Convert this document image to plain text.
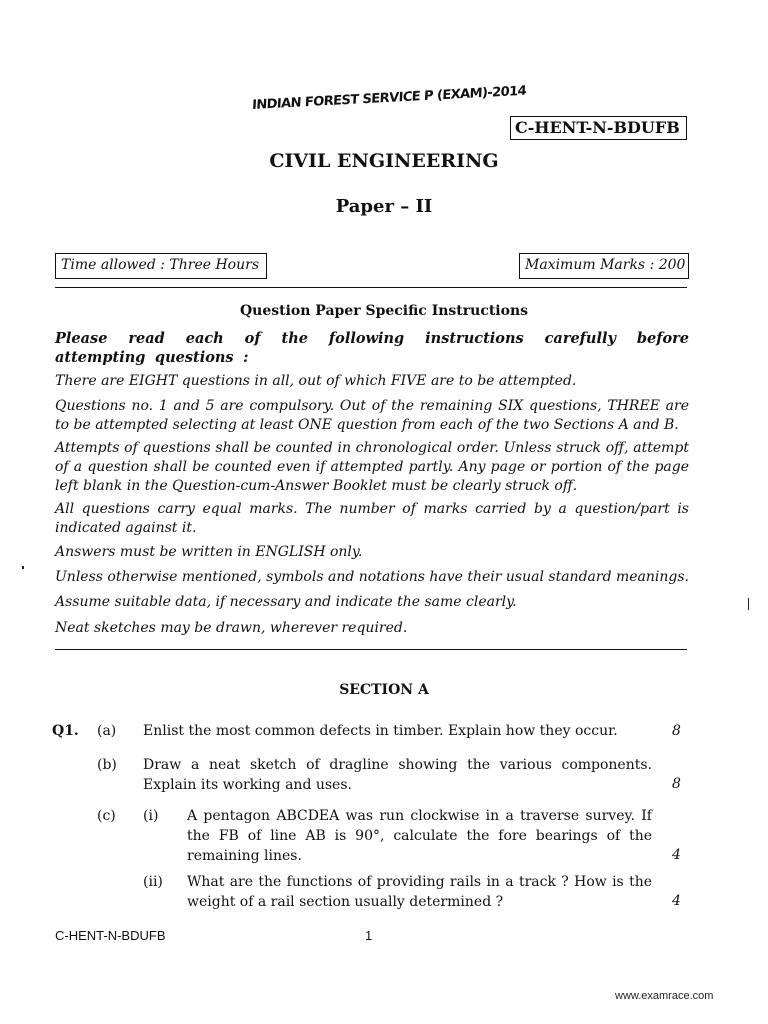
INDIAN FOREST SERVICE P (EXAM)-2014
C-HENT-N-BDUFB
CIVIL ENGINEERING
Paper – II
Time allowed : Three Hours	Maximum Marks : 200
Question Paper Specific Instructions
Please read each of the following instructions carefully before attempting questions :
There are EIGHT questions in all, out of which FIVE are to be attempted.
Questions no. 1 and 5 are compulsory. Out of the remaining SIX questions, THREE are to be attempted selecting at least ONE question from each of the two Sections A and B.
Attempts of questions shall be counted in chronological order. Unless struck off, attempt of a question shall be counted even if attempted partly. Any page or portion of the page left blank in the Question-cum-Answer Booklet must be clearly struck off.
All questions carry equal marks. The number of marks carried by a question/part is indicated against it.
Answers must be written in ENGLISH only.
Unless otherwise mentioned, symbols and notations have their usual standard meanings.
Assume suitable data, if necessary and indicate the same clearly.
Neat sketches may be drawn, wherever required.
SECTION A
Q1. (a) Enlist the most common defects in timber. Explain how they occur.	8
(b) Draw a neat sketch of dragline showing the various components. Explain its working and uses.	8
(c) (i) A pentagon ABCDEA was run clockwise in a traverse survey. If the FB of line AB is 90°, calculate the fore bearings of the remaining lines.	4
(ii) What are the functions of providing rails in a track ? How is the weight of a rail section usually determined ?	4
C-HENT-N-BDUFB	1
www.examrace.com
